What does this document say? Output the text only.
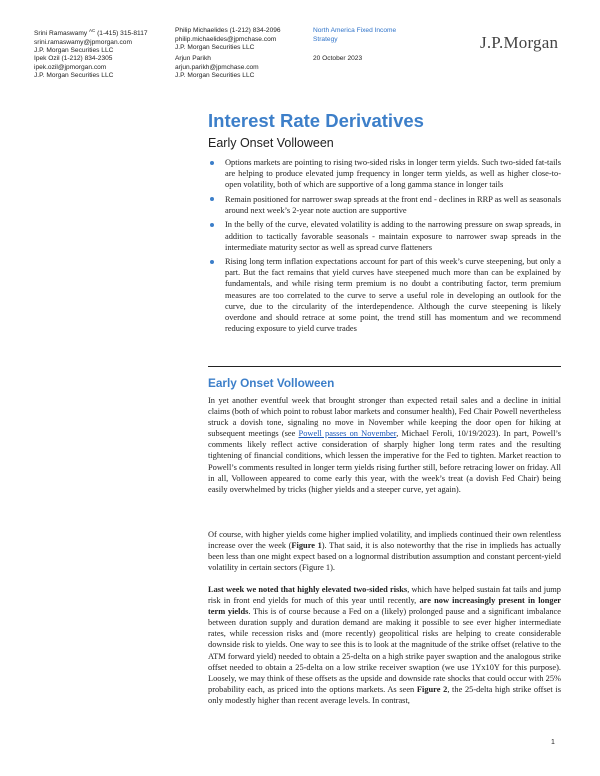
Srini Ramaswamy $^{AC}$ (1-415) 315-8117
srini.ramaswamy@jpmorgan.com
J.P. Morgan Securities LLC
Ipek Ozil (1-212) 834-2305
ipek.ozil@jpmorgan.com
J.P. Morgan Securities LLC
Philip Michaelides (1-212) 834-2096
philip.michaelides@jpmchase.com
J.P. Morgan Securities LLC
Arjun Parikh
arjun.parikh@jpmchase.com
J.P. Morgan Securities LLC
North America Fixed Income
Strategy
20 October 2023
J.P.Morgan
Interest Rate Derivatives
Early Onset Volloween
Options markets are pointing to rising two-sided risks in longer term yields. Such two-sided fat-tails are helping to produce elevated jump frequency in longer term yields, as well as higher close-to-open volatility, both of which are supportive of a long gamma stance in longer tails
Remain positioned for narrower swap spreads at the front end - declines in RRP as well as seasonals around next week’s 2-year note auction are supportive
In the belly of the curve, elevated volatility is adding to the narrowing pressure on swap spreads, in addition to tactically favorable seasonals - maintain exposure to narrower swap spreads in the intermediate maturity sector as well as spread curve flatteners
Rising long term inflation expectations account for part of this week’s curve steepening, but only a part. But the fact remains that yield curves have steepened much more than can be explained by fundamentals, and while rising term premium is no doubt a contributing factor, term premium measures are too correlated to the curve to serve a useful role in developing an outlook for the curve, due to the circularity of the interdependence. Although the curve steepening is likely overdone and should retrace at some point, the trend still has momentum and we recommend reducing exposure to yield curve trades
Early Onset Volloween

In yet another eventful week that brought stronger than expected retail sales and a decline in initial claims (both of which point to robust labor markets and consumer health), Fed Chair Powell nevertheless struck a dovish tone, signaling no move in November while keeping the door open for hiking at subsequent meetings (see Powell passes on November, Michael Feroli, 10/19/2023). In part, Powell’s comments likely reflect active consideration of sharply higher long term rates and the resulting tightening of financial conditions, which lessen the imperative for the Fed to tighten. Market reaction to Powell’s comments resulted in longer term yields rising further still, before retracing lower on friday. All in all, Volloween appeared to come early this year, with the week’s treat (a dovish Fed Chair) being easily overwhelmed by tricks (higher yields and a steeper curve, yet again).

Of course, with higher yields come higher implied volatility, and implieds continued their own relentless increase over the week (Figure 1). That said, it is also noteworthy that the rise in implieds has actually been less than one might expect based on a lognormal distribution assumption and constant percent-yield volatility in certain sectors (Figure 1).

Last week we noted that highly elevated two-sided risks, which have helped sustain fat tails and jump risk in front end yields for much of this year until recently, are now increasingly present in longer term yields. This is of course because a Fed on a (likely) prolonged pause and a significant imbalance between duration supply and duration demand are making it possible to see ever higher intermediate rates, while recession risks and (more recently) geopolitical risks are helping to create considerable downside risk to yields. One way to see this is to look at the magnitude of the strike offset (relative to the ATM forward yield) needed to obtain a 25-delta on a high strike payer swaption and the analogous strike offset needed to obtain a 25-delta on a low strike receiver swaption (we use 1Yx10Y for this purpose). Loosely, we may think of these offsets as the upside and downside rate shocks that could occur with 25% probability each, as priced into the options markets. As seen Figure 2, the 25-delta high strike offset is only modestly higher than recent average levels. In contrast,

1
